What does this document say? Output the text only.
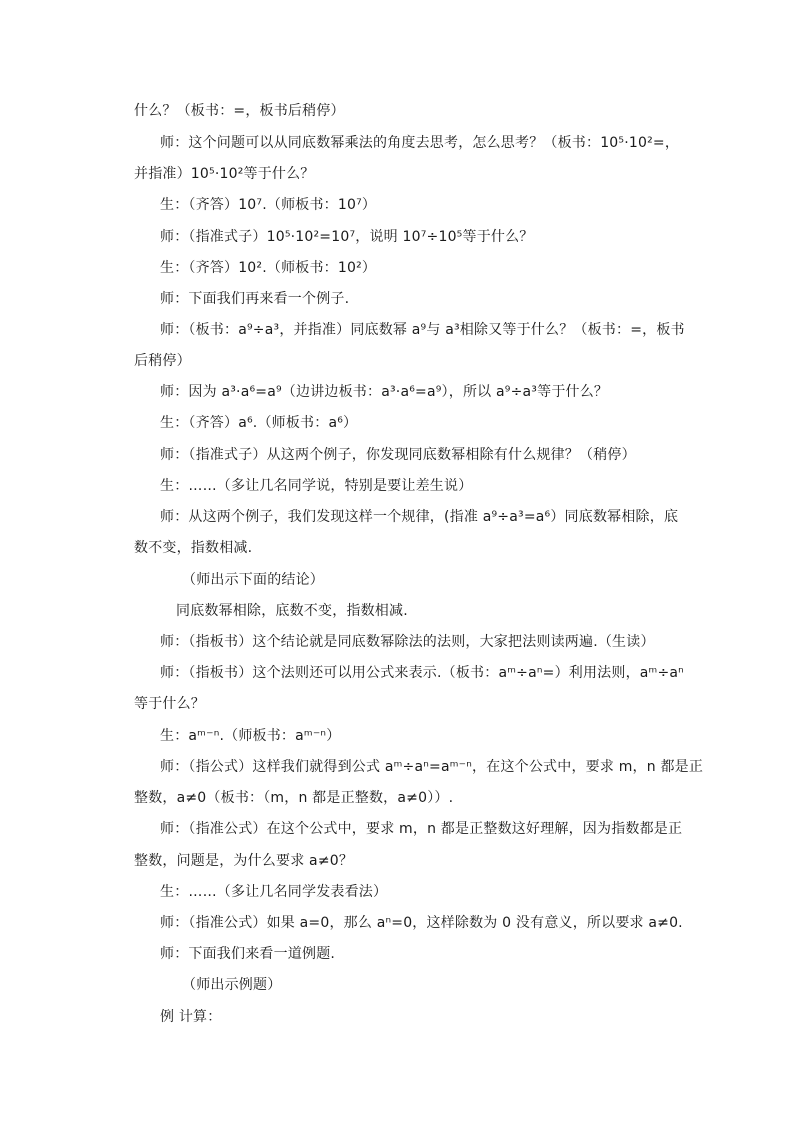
什么？（板书：=，板书后稍停）
师：这个问题可以从同底数幂乘法的角度去思考，怎么思考？（板书：10⁵·10²=，
并指准）10⁵·10²等于什么？
生：（齐答）10⁷.（师板书：10⁷）
师：（指准式子）10⁵·10²=10⁷，说明 10⁷÷10⁵等于什么？
生：（齐答）10².（师板书：10²）
师：下面我们再来看一个例子.
师：（板书：a⁹÷a³，并指准）同底数幂 a⁹与 a³相除又等于什么？（板书：=，板书
后稍停）
师：因为 a³·a⁶=a⁹（边讲边板书：a³·a⁶=a⁹），所以 a⁹÷a³等于什么？
生：（齐答）a⁶.（师板书：a⁶）
师：（指准式子）从这两个例子，你发现同底数幂相除有什么规律？（稍停）
生：……（多让几名同学说，特别是要让差生说）
师：从这两个例子，我们发现这样一个规律，(指准 a⁹÷a³=a⁶）同底数幂相除，底
数不变，指数相减.
（师出示下面的结论）
同底数幂相除，底数不变，指数相减.
师：（指板书）这个结论就是同底数幂除法的法则，大家把法则读两遍.（生读）
师：（指板书）这个法则还可以用公式来表示.（板书：aᵐ÷aⁿ=）利用法则，aᵐ÷aⁿ
等于什么？
生：aᵐ⁻ⁿ.（师板书：aᵐ⁻ⁿ）
师：（指公式）这样我们就得到公式 aᵐ÷aⁿ=aᵐ⁻ⁿ，在这个公式中，要求 m，n 都是正
整数，a≠0（板书：（m，n 都是正整数，a≠0））.
师：（指准公式）在这个公式中，要求 m，n 都是正整数这好理解，因为指数都是正
整数，问题是，为什么要求 a≠0？
生：……（多让几名同学发表看法）
师：（指准公式）如果 a=0，那么 aⁿ=0，这样除数为 0 没有意义，所以要求 a≠0.
师：下面我们来看一道例题.
（师出示例题）
例 计算：
